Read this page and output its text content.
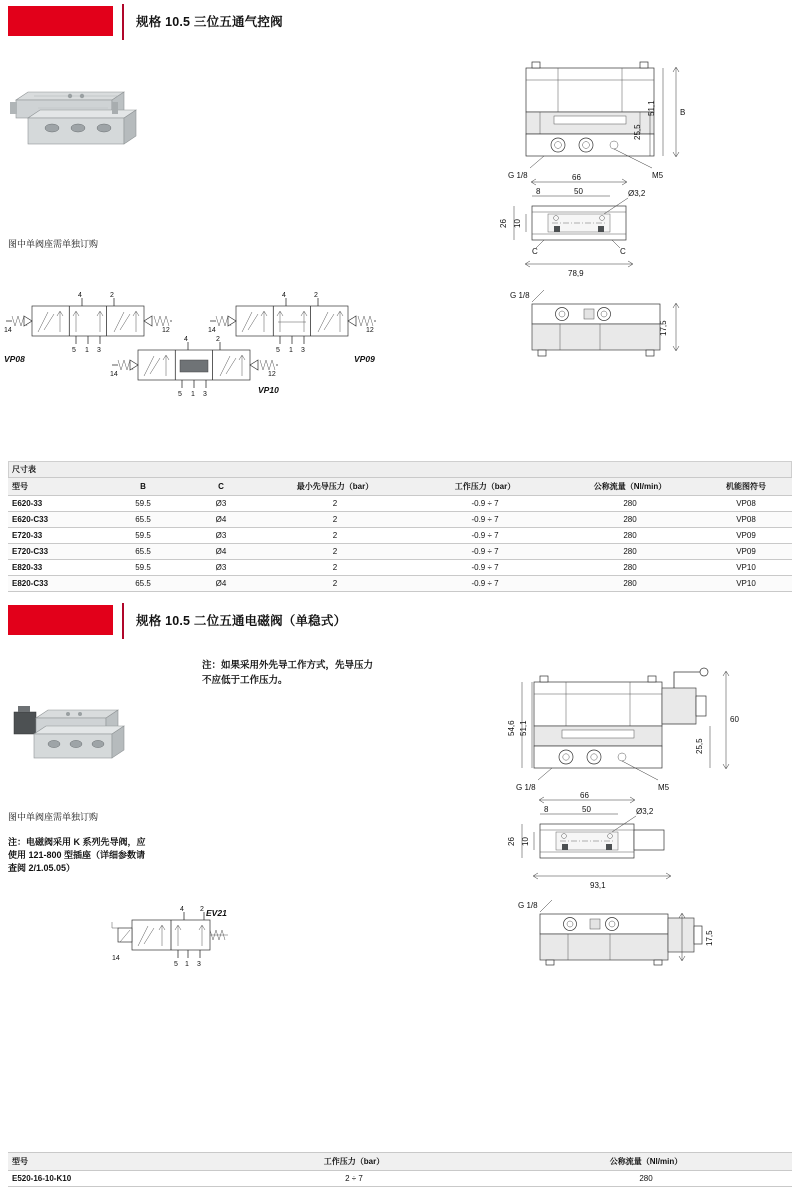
规格 10.5 三位五通气控阀
图中单阀座需单独订购
4	2
5 1 3
14	12
VP08
4	2
5 1 3
14	12
VP09
4	2
5 1 3
14	12
VP10
B
51,1
25,5
G 1/8	M5
66
8	50	Ø3,2
26 10
C	C
78,9
G 1/8
17,5
尺寸表
型号	B	C	最小先导压力（bar）	工作压力（bar）	公称流量（Nl/min）	机能图符号
E620-33	59.5	Ø3	2	-0.9 ÷ 7	280	VP08
E620-C33	65.5	Ø4	2	-0.9 ÷ 7	280	VP08
E720-33	59.5	Ø3	2	-0.9 ÷ 7	280	VP09
E720-C33	65.5	Ø4	2	-0.9 ÷ 7	280	VP09
E820-33	59.5	Ø3	2	-0.9 ÷ 7	280	VP10
E820-C33	65.5	Ø4	2	-0.9 ÷ 7	280	VP10
规格 10.5 二位五通电磁阀（单稳式）
注：如果采用外先导工作方式，先导压力不应低于工作压力。
图中单阀座需单独订购
注：电磁阀采用 K 系列先导阀，应使用 121-800 型插座（详细参数请查阅 2/1.05.05）
4 2
5 1 3
14
EV21
54,6 51,1
60
25,5
G 1/8	M5
66
8	50	Ø3,2
26 10
93,1
G 1/8
17,5
型号	工作压力（bar）	公称流量（Nl/min）
E520-16-10-K10	2 ÷ 7	280
